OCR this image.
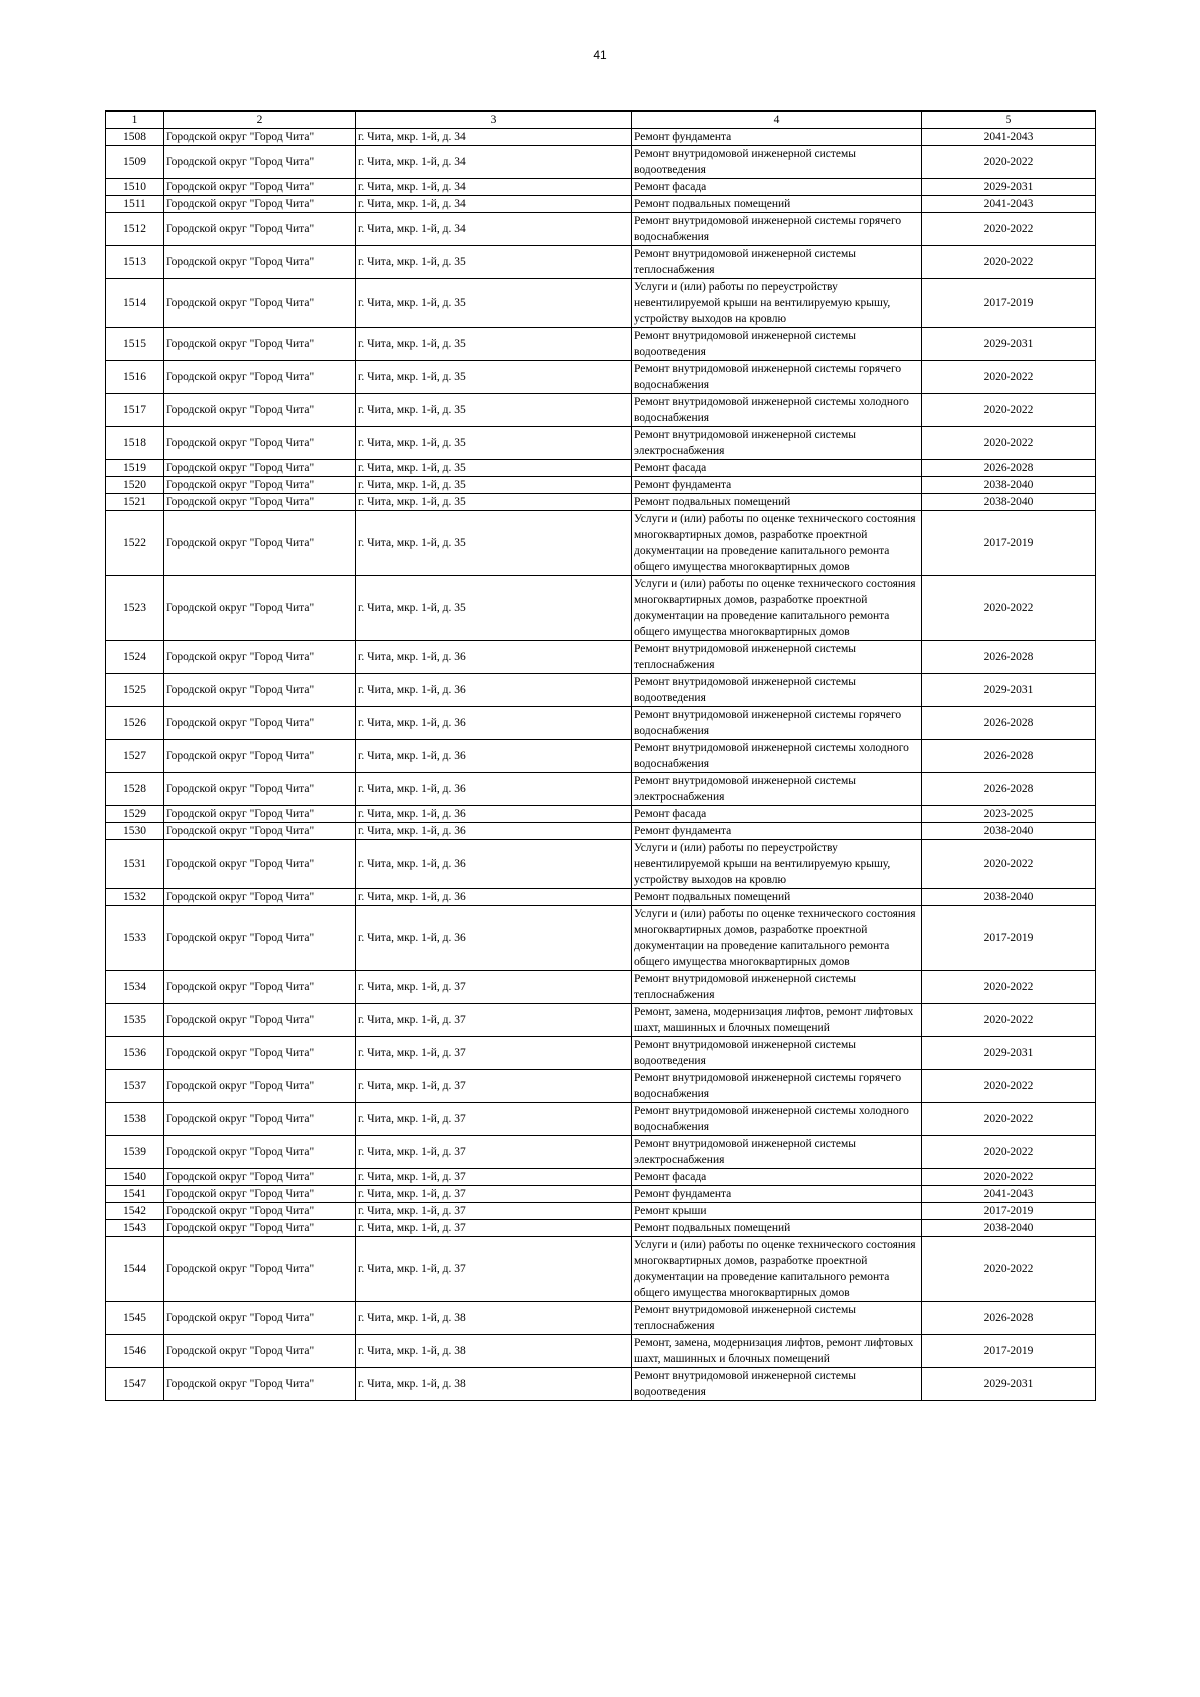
41
1	2	3	4	5
1508	Городской округ "Город Чита"	г. Чита, мкр. 1-й, д. 34	Ремонт фундамента	2041-2043
1509	Городской округ "Город Чита"	г. Чита, мкр. 1-й, д. 34	Ремонт внутридомовой инженерной системы водоотведения	2020-2022
1510	Городской округ "Город Чита"	г. Чита, мкр. 1-й, д. 34	Ремонт фасада	2029-2031
1511	Городской округ "Город Чита"	г. Чита, мкр. 1-й, д. 34	Ремонт подвальных помещений	2041-2043
1512	Городской округ "Город Чита"	г. Чита, мкр. 1-й, д. 34	Ремонт внутридомовой инженерной системы горячего водоснабжения	2020-2022
1513	Городской округ "Город Чита"	г. Чита, мкр. 1-й, д. 35	Ремонт внутридомовой инженерной системы теплоснабжения	2020-2022
1514	Городской округ "Город Чита"	г. Чита, мкр. 1-й, д. 35	Услуги и (или) работы по переустройству невентилируемой крыши на вентилируемую крышу, устройству выходов на кровлю	2017-2019
1515	Городской округ "Город Чита"	г. Чита, мкр. 1-й, д. 35	Ремонт внутридомовой инженерной системы водоотведения	2029-2031
1516	Городской округ "Город Чита"	г. Чита, мкр. 1-й, д. 35	Ремонт внутридомовой инженерной системы горячего водоснабжения	2020-2022
1517	Городской округ "Город Чита"	г. Чита, мкр. 1-й, д. 35	Ремонт внутридомовой инженерной системы холодного водоснабжения	2020-2022
1518	Городской округ "Город Чита"	г. Чита, мкр. 1-й, д. 35	Ремонт внутридомовой инженерной системы электроснабжения	2020-2022
1519	Городской округ "Город Чита"	г. Чита, мкр. 1-й, д. 35	Ремонт фасада	2026-2028
1520	Городской округ "Город Чита"	г. Чита, мкр. 1-й, д. 35	Ремонт фундамента	2038-2040
1521	Городской округ "Город Чита"	г. Чита, мкр. 1-й, д. 35	Ремонт подвальных помещений	2038-2040
1522	Городской округ "Город Чита"	г. Чита, мкр. 1-й, д. 35	Услуги и (или) работы по оценке технического состояния многоквартирных домов, разработке проектной документации на проведение капитального ремонта общего имущества многоквартирных домов	2017-2019
1523	Городской округ "Город Чита"	г. Чита, мкр. 1-й, д. 35	Услуги и (или) работы по оценке технического состояния многоквартирных домов, разработке проектной документации на проведение капитального ремонта общего имущества многоквартирных домов	2020-2022
1524	Городской округ "Город Чита"	г. Чита, мкр. 1-й, д. 36	Ремонт внутридомовой инженерной системы теплоснабжения	2026-2028
1525	Городской округ "Город Чита"	г. Чита, мкр. 1-й, д. 36	Ремонт внутридомовой инженерной системы водоотведения	2029-2031
1526	Городской округ "Город Чита"	г. Чита, мкр. 1-й, д. 36	Ремонт внутридомовой инженерной системы горячего водоснабжения	2026-2028
1527	Городской округ "Город Чита"	г. Чита, мкр. 1-й, д. 36	Ремонт внутридомовой инженерной системы холодного водоснабжения	2026-2028
1528	Городской округ "Город Чита"	г. Чита, мкр. 1-й, д. 36	Ремонт внутридомовой инженерной системы электроснабжения	2026-2028
1529	Городской округ "Город Чита"	г. Чита, мкр. 1-й, д. 36	Ремонт фасада	2023-2025
1530	Городской округ "Город Чита"	г. Чита, мкр. 1-й, д. 36	Ремонт фундамента	2038-2040
1531	Городской округ "Город Чита"	г. Чита, мкр. 1-й, д. 36	Услуги и (или) работы по переустройству невентилируемой крыши на вентилируемую крышу, устройству выходов на кровлю	2020-2022
1532	Городской округ "Город Чита"	г. Чита, мкр. 1-й, д. 36	Ремонт подвальных помещений	2038-2040
1533	Городской округ "Город Чита"	г. Чита, мкр. 1-й, д. 36	Услуги и (или) работы по оценке технического состояния многоквартирных домов, разработке проектной документации на проведение капитального ремонта общего имущества многоквартирных домов	2017-2019
1534	Городской округ "Город Чита"	г. Чита, мкр. 1-й, д. 37	Ремонт внутридомовой инженерной системы теплоснабжения	2020-2022
1535	Городской округ "Город Чита"	г. Чита, мкр. 1-й, д. 37	Ремонт, замена, модернизация лифтов, ремонт лифтовых шахт, машинных и блочных помещений	2020-2022
1536	Городской округ "Город Чита"	г. Чита, мкр. 1-й, д. 37	Ремонт внутридомовой инженерной системы водоотведения	2029-2031
1537	Городской округ "Город Чита"	г. Чита, мкр. 1-й, д. 37	Ремонт внутридомовой инженерной системы горячего водоснабжения	2020-2022
1538	Городской округ "Город Чита"	г. Чита, мкр. 1-й, д. 37	Ремонт внутридомовой инженерной системы холодного водоснабжения	2020-2022
1539	Городской округ "Город Чита"	г. Чита, мкр. 1-й, д. 37	Ремонт внутридомовой инженерной системы электроснабжения	2020-2022
1540	Городской округ "Город Чита"	г. Чита, мкр. 1-й, д. 37	Ремонт фасада	2020-2022
1541	Городской округ "Город Чита"	г. Чита, мкр. 1-й, д. 37	Ремонт фундамента	2041-2043
1542	Городской округ "Город Чита"	г. Чита, мкр. 1-й, д. 37	Ремонт крыши	2017-2019
1543	Городской округ "Город Чита"	г. Чита, мкр. 1-й, д. 37	Ремонт подвальных помещений	2038-2040
1544	Городской округ "Город Чита"	г. Чита, мкр. 1-й, д. 37	Услуги и (или) работы по оценке технического состояния многоквартирных домов, разработке проектной документации на проведение капитального ремонта общего имущества многоквартирных домов	2020-2022
1545	Городской округ "Город Чита"	г. Чита, мкр. 1-й, д. 38	Ремонт внутридомовой инженерной системы теплоснабжения	2026-2028
1546	Городской округ "Город Чита"	г. Чита, мкр. 1-й, д. 38	Ремонт, замена, модернизация лифтов, ремонт лифтовых шахт, машинных и блочных помещений	2017-2019
1547	Городской округ "Город Чита"	г. Чита, мкр. 1-й, д. 38	Ремонт внутридомовой инженерной системы водоотведения	2029-2031
